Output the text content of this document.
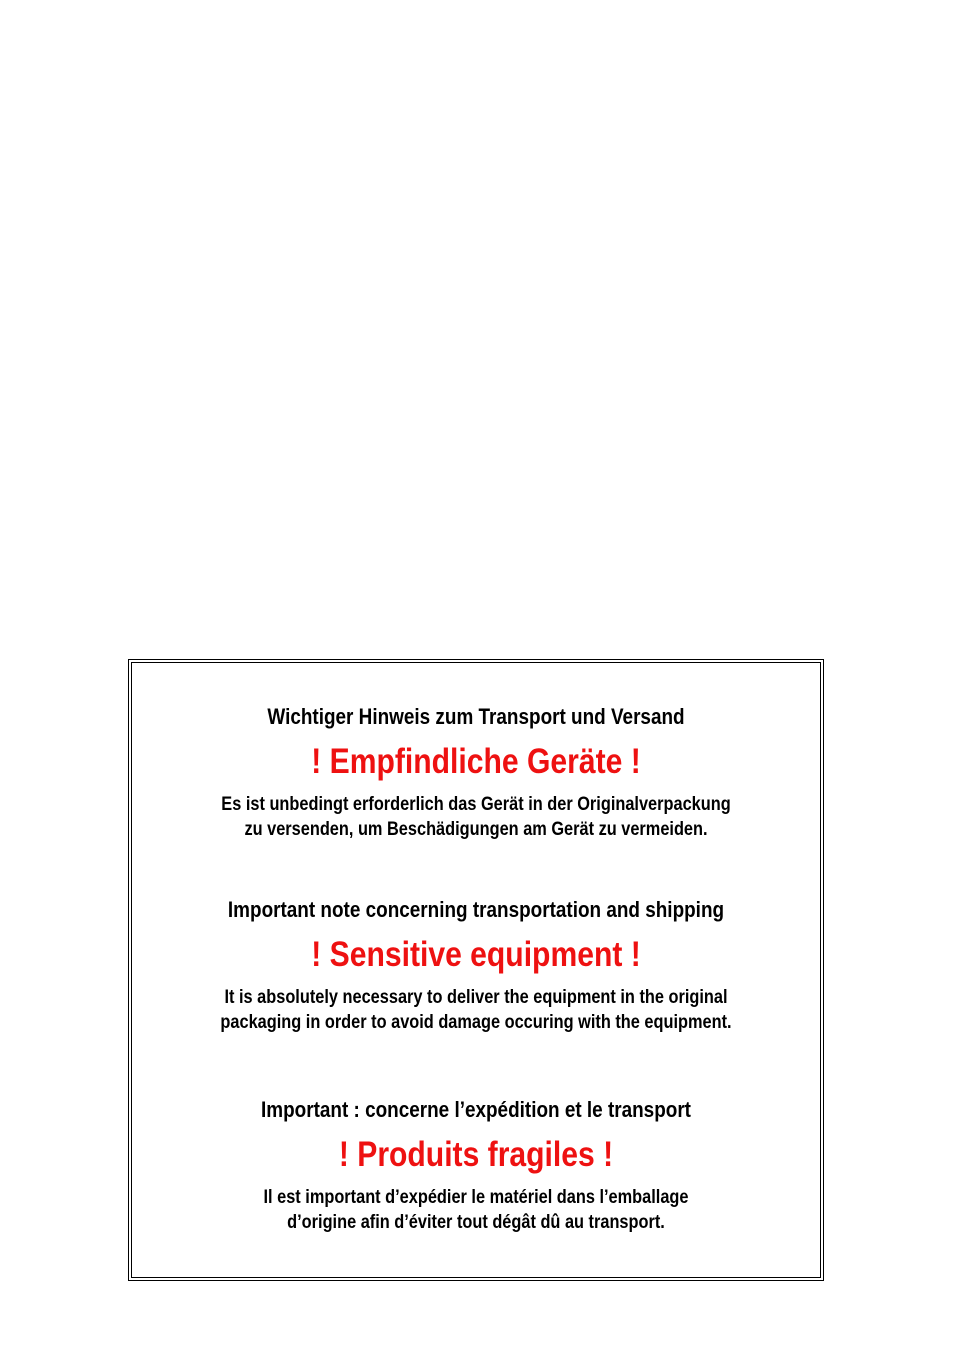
Wichtiger Hinweis zum Transport und Versand
! Empfindliche Geräte !
Es ist unbedingt erforderlich das Gerät in der Originalverpackung
zu versenden, um Beschädigungen am Gerät zu vermeiden.
Important note concerning transportation and shipping
! Sensitive equipment !
It is absolutely necessary to deliver the equipment in the original
packaging in order to avoid damage occuring with the equipment.
Important : concerne l’expédition et le transport
! Produits fragiles !
Il est important d’expédier le matériel dans l’emballage
d’origine afin d’éviter tout dégât dû au transport.
